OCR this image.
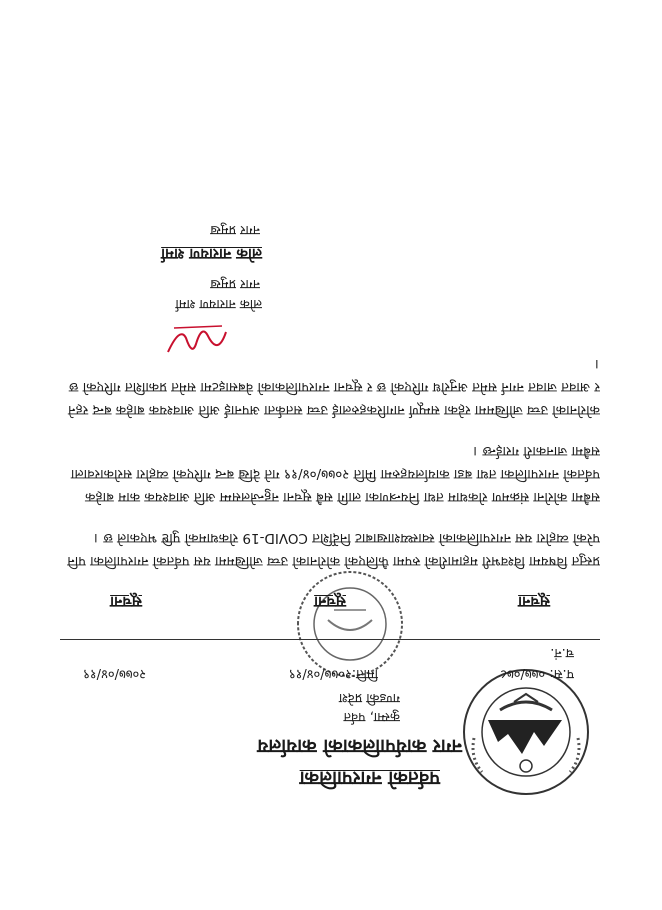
पर्वतको नगरपालिका
नगर कार्यपालिकाको कार्यालय
कुस्मा, पर्वत
गण्डकी प्रदेश
प.स: ०७७/०७८
च.नं.
मिति:२०७७/०४/१९
२०७७/०४/१९
सूचना
सूचना
सूचना

प्रस्तुत विषयमा विश्वभरी महामारीको रुपमा फैलिएको कोरोनाको उच्च जोखिममा यस पर्वतको नगरपालिका पनि परेको व्यहोरा यस नगरपालिकाको स्वास्थ्यशाखाबाट निर्देशित COVID-19 रोकथामको पुष्टि भएकाले छ ।

सबैमा कोरोना संक्रमण रोकथाम तथा नियन्त्रणका लागि सबै सूचना नहुन्जेलसम्म अति आवश्यक काम बाहेक पर्वतको नगरपालिका तथा बडा कार्यालयहरुमा मिति २०७७/०४/१९ गते देखि बन्द गरिएको व्यहोरा सरोकारवाला सबैमा जानकारी गराईन्छ ।

कोरोनाको उच्च जोखिममा रहेका सम्पूर्ण नागरिकहरुलाई उच्च सतर्कता अपनाई अति आवश्यक बाहेक बन्द रहने र आवत जावत नगर्न समेत अनुरोध गरिएको छ र सूचना नगरपालिकाको वेबसाइटमा समेत प्रकाशित गरिएको छ ।

लोक नारायण शर्मा
नगर प्रमुख
लोक नारायण शर्मा
नगर प्रमुख
